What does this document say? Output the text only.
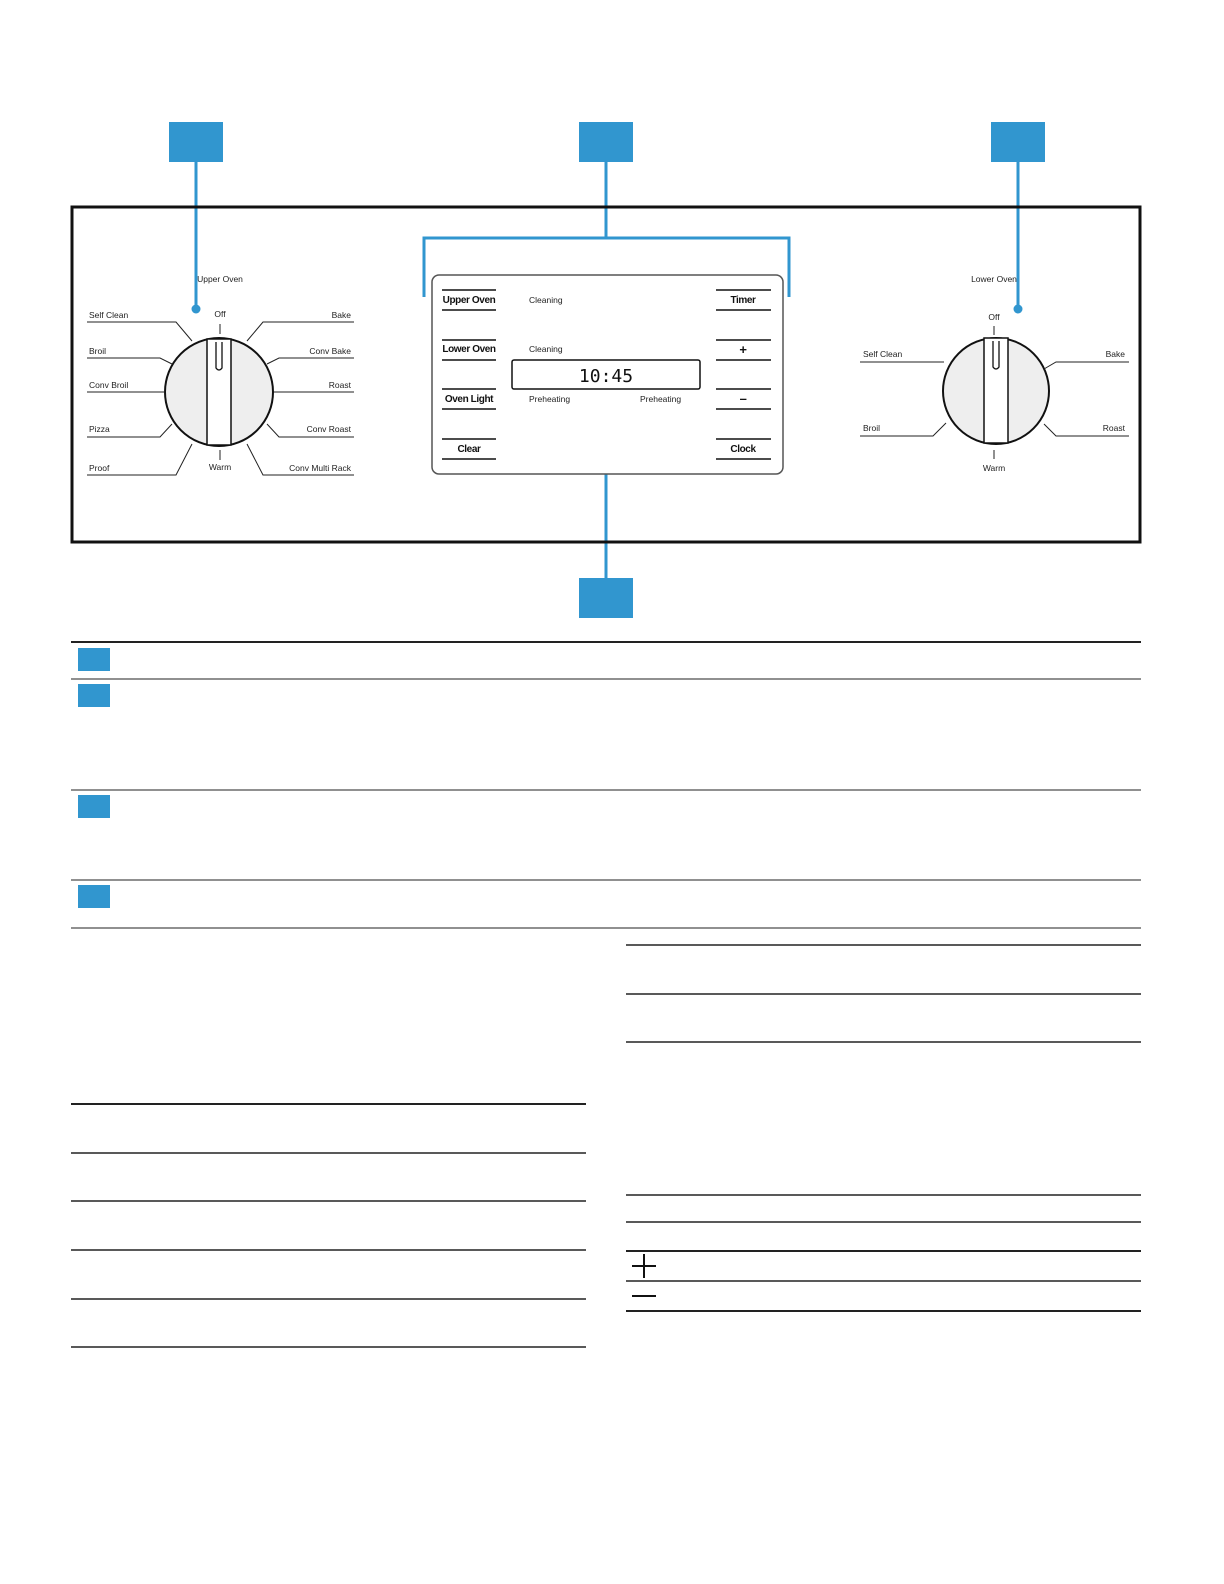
Upper Oven
Off
Warm
Self Clean
Broil
Conv Broil
Pizza
Proof
Bake
Conv Bake
Roast
Conv Roast
Conv Multi Rack
Upper Oven
Lower Oven
Oven Light
Clear
Cleaning
Cleaning
10:45
Preheating	Preheating
Timer
+
–
Clock
Lower Oven
Off
Warm
Self Clean
Broil
Bake
Roast
